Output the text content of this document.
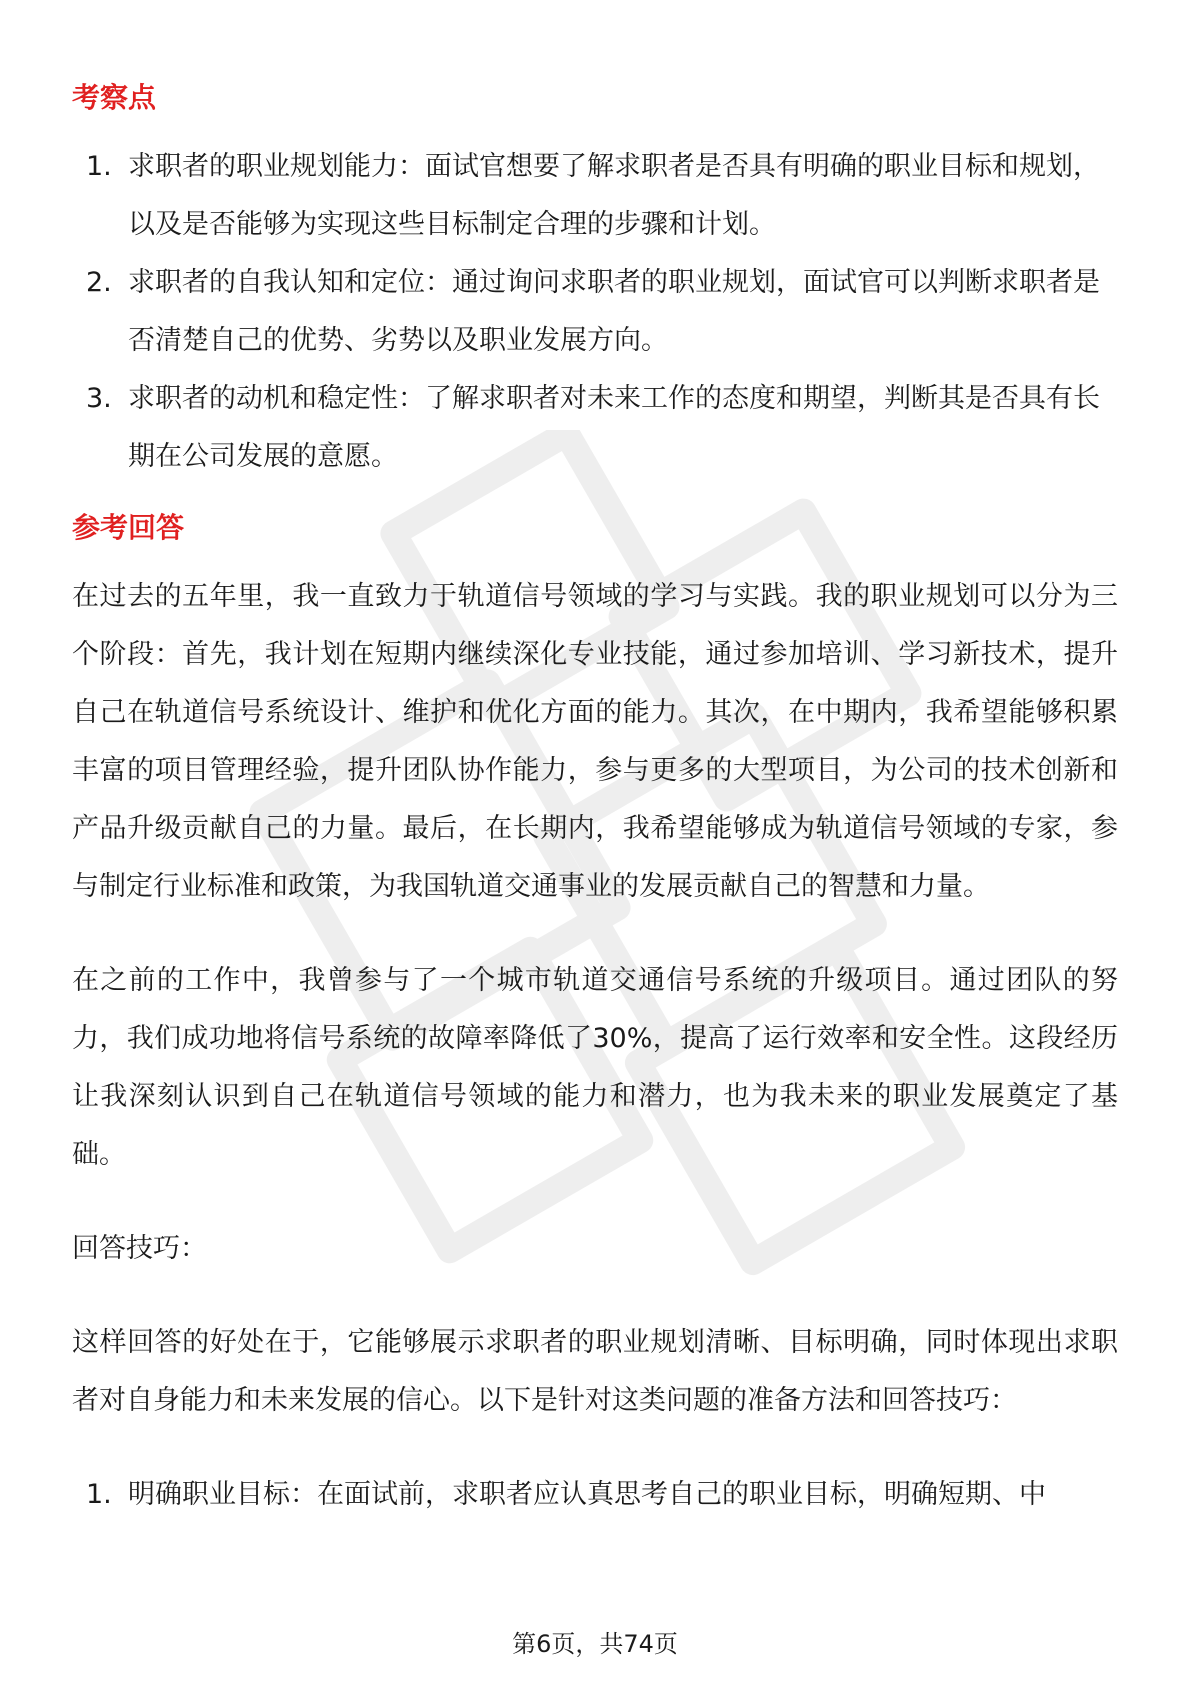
考察点
1. 求职者的职业规划能力：面试官想要了解求职者是否具有明确的职业目标和规划，以及是否能够为实现这些目标制定合理的步骤和计划。
2. 求职者的自我认知和定位：通过询问求职者的职业规划，面试官可以判断求职者是否清楚自己的优势、劣势以及职业发展方向。
3. 求职者的动机和稳定性：了解求职者对未来工作的态度和期望，判断其是否具有长期在公司发展的意愿。
参考回答

在过去的五年里，我一直致力于轨道信号领域的学习与实践。我的职业规划可以分为三个阶段：首先，我计划在短期内继续深化专业技能，通过参加培训、学习新技术，提升自己在轨道信号系统设计、维护和优化方面的能力。其次，在中期内，我希望能够积累丰富的项目管理经验，提升团队协作能力，参与更多的大型项目，为公司的技术创新和产品升级贡献自己的力量。最后，在长期内，我希望能够成为轨道信号领域的专家，参与制定行业标准和政策，为我国轨道交通事业的发展贡献自己的智慧和力量。

在之前的工作中，我曾参与了一个城市轨道交通信号系统的升级项目。通过团队的努力，我们成功地将信号系统的故障率降低了30%，提高了运行效率和安全性。这段经历让我深刻认识到自己在轨道信号领域的能力和潜力，也为我未来的职业发展奠定了基础。

回答技巧：

这样回答的好处在于，它能够展示求职者的职业规划清晰、目标明确，同时体现出求职者对自身能力和未来发展的信心。以下是针对这类问题的准备方法和回答技巧：

1. 明确职业目标：在面试前，求职者应认真思考自己的职业目标，明确短期、中
第6页，共74页
